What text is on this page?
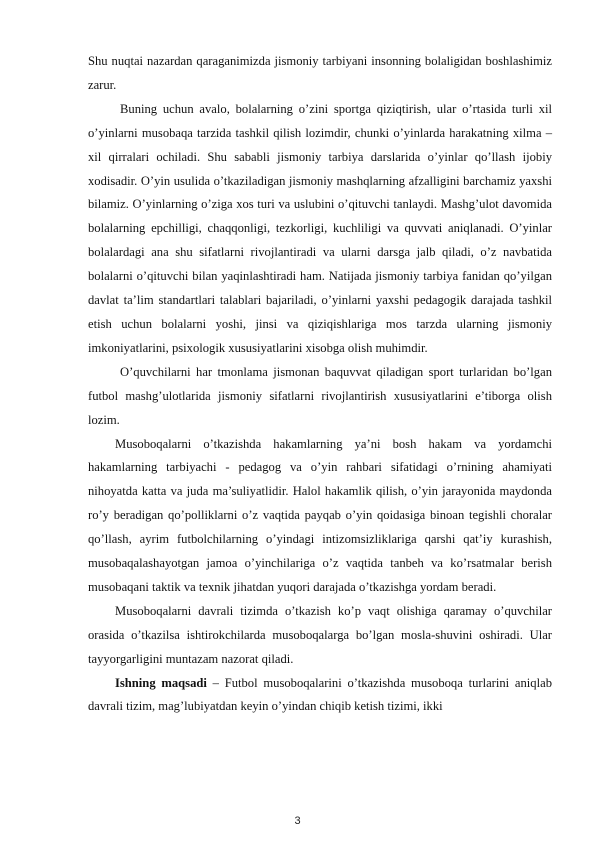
Shu nuqtai nazardan qaraganimizda jismoniy tarbiyani insonning bolaligidan boshlashimiz zarur.

Buning uchun avalo, bolalarning o’zini sportga qiziqtirish, ular o’rtasida turli xil o’yinlarni musobaqa tarzida tashkil qilish lozimdir, chunki o’yinlarda harakatning xilma – xil qirralari ochiladi. Shu sababli jismoniy tarbiya darslarida o’yinlar qo’llash ijobiy xodisadir. O’yin usulida o’tkaziladigan jismoniy mashqlarning afzalligini barchamiz yaxshi bilamiz. O’yinlarning o’ziga xos turi va uslubini o’qituvchi tanlaydi. Mashg’ulot davomida bolalarning epchilligi, chaqqonligi, tezkorligi, kuchliligi va quvvati aniqlanadi. O’yinlar bolalardagi ana shu sifatlarni rivojlantiradi va ularni darsga jalb qiladi, o’z navbatida bolalarni o’qituvchi bilan yaqinlashtiradi ham. Natijada jismoniy tarbiya fanidan qo’yilgan davlat ta’lim standartlari talablari bajariladi, o’yinlarni yaxshi pedagogik darajada tashkil etish uchun bolalarni yoshi, jinsi va qiziqishlariga mos tarzda ularning jismoniy imkoniyatlarini, psixologik xususiyatlarini xisobga olish muhimdir.

O’quvchilarni har tmonlama jismonan baquvvat qiladigan sport turlaridan bo’lgan futbol mashg’ulotlarida jismoniy sifatlarni rivojlantirish xususiyatlarini e’tiborga olish lozim.

Musoboqalarni o’tkazishda hakamlarning ya’ni bosh hakam va yordamchi hakamlarning tarbiyachi - pedagog va o’yin rahbari sifatidagi o’rnining ahamiyati nihoyatda katta va juda ma’suliyatlidir. Halol hakamlik qilish, o’yin jarayonida maydonda ro’y beradigan qo’polliklarni o’z vaqtida payqab o’yin qoidasiga binoan tegishli choralar qo’llash, ayrim futbolchilarning o’yindagi intizomsizliklariga qarshi qat’iy kurashish, musobaqalashayotgan jamoa o’yinchilariga o’z vaqtida tanbeh va ko’rsatmalar berish musobaqani taktik va texnik jihatdan yuqori darajada o’tkazishga yordam beradi.

Musoboqalarni davrali tizimda o’tkazish ko’p vaqt olishiga qaramay o’quvchilar orasida o’tkazilsa ishtirokchilarda musoboqalarga bo’lgan mosla-shuvini oshiradi. Ular tayyorgarligini muntazam nazorat qiladi.

Ishning maqsadi – Futbol musoboqalarini o’tkazishda musoboqa turlarini aniqlab davrali tizim, mag’lubiyatdan keyin o’yindan chiqib ketish tizimi, ikki

3
